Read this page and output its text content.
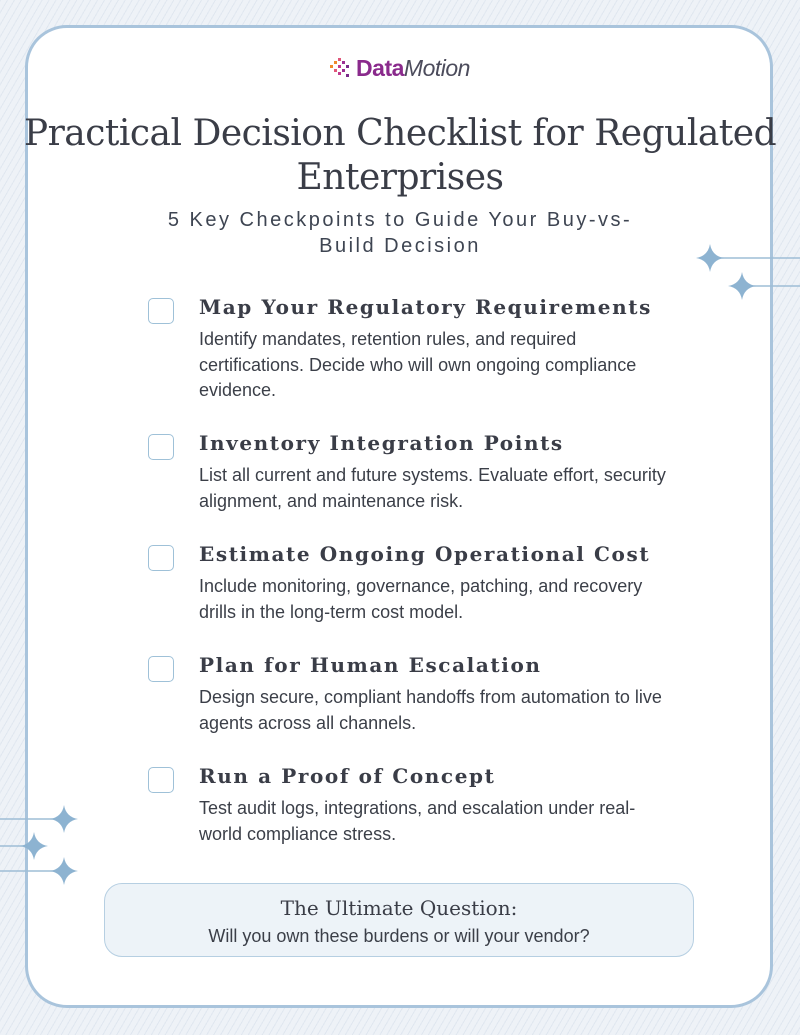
DataMotion
Practical Decision Checklist for Regulated Enterprises

5 Key Checkpoints to Guide Your Buy-vs-Build Decision

Map Your Regulatory Requirements

Identify mandates, retention rules, and required certifications. Decide who will own ongoing compliance evidence.

Inventory Integration Points

List all current and future systems. Evaluate effort, security alignment, and maintenance risk.

Estimate Ongoing Operational Cost

Include monitoring, governance, patching, and recovery drills in the long-term cost model.

Plan for Human Escalation

Design secure, compliant handoffs from automation to live agents across all channels.

Run a Proof of Concept

Test audit logs, integrations, and escalation under real-world compliance stress.

The Ultimate Question:
Will you own these burdens or will your vendor?
